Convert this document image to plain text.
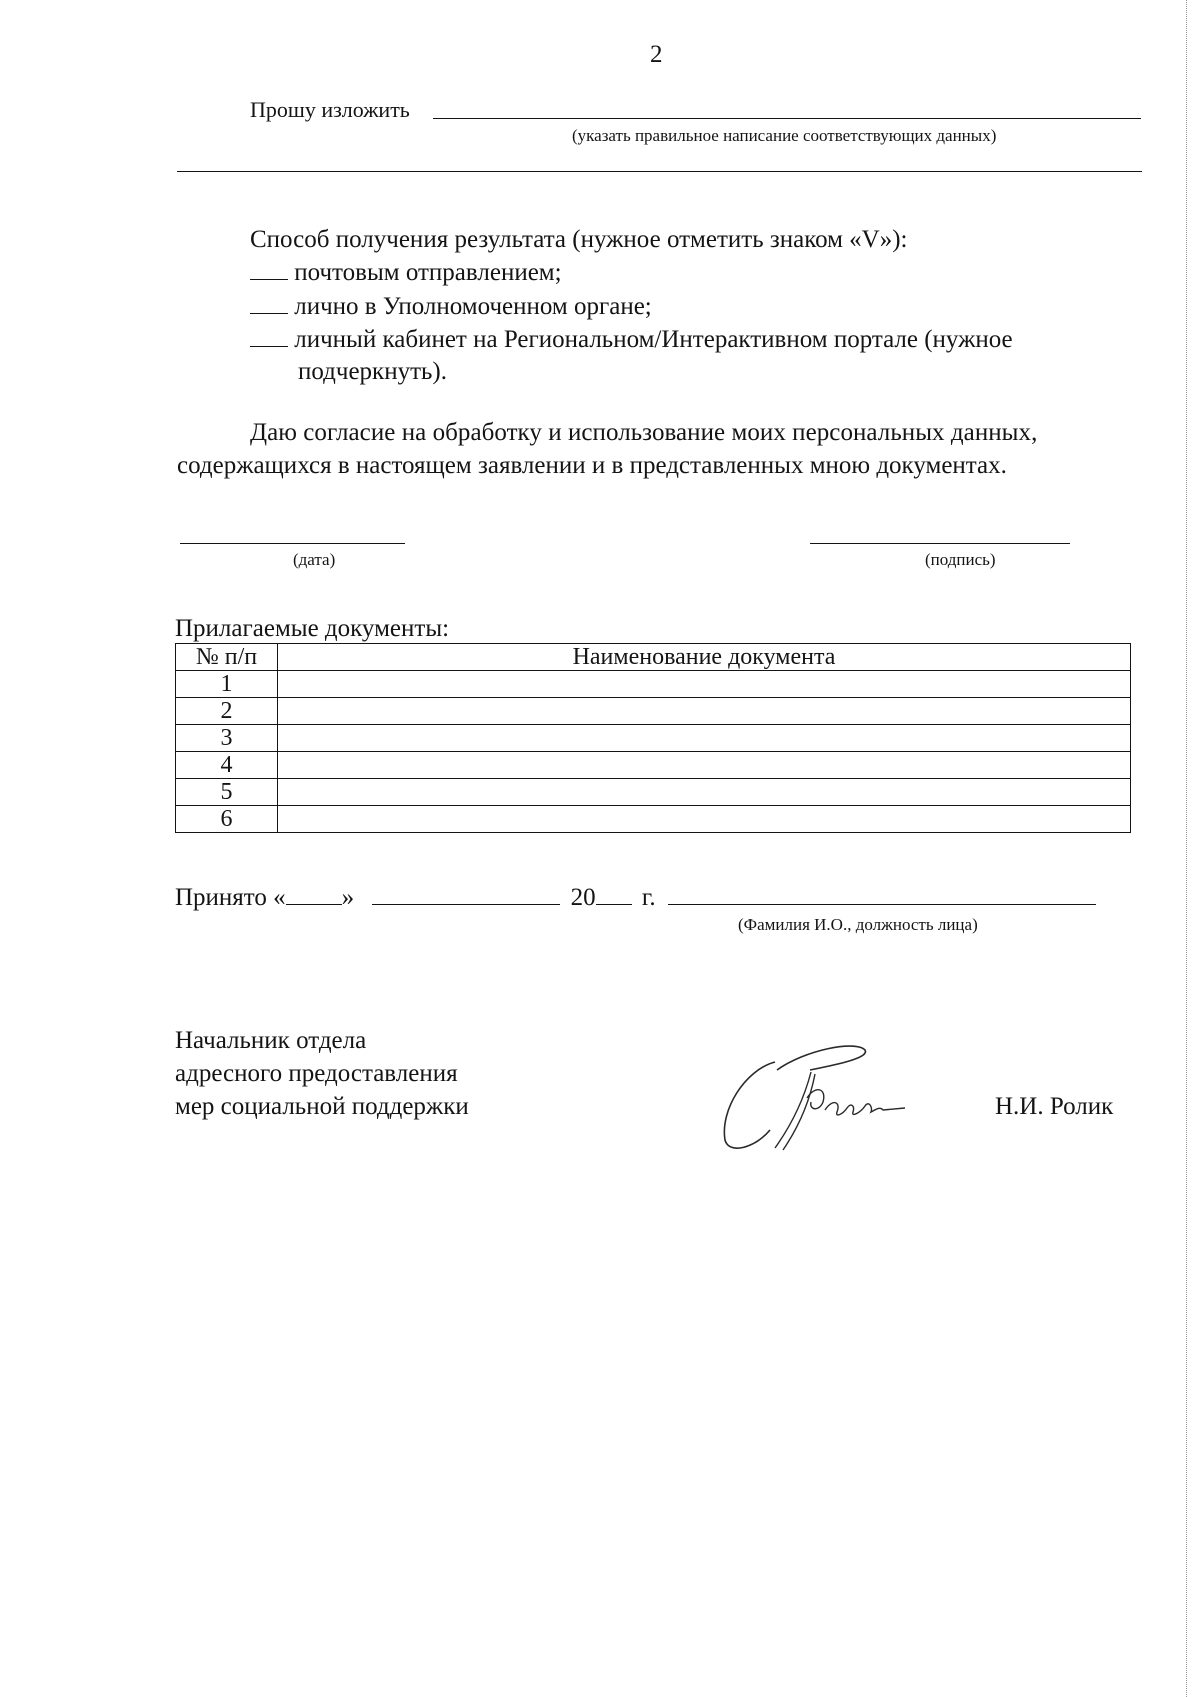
2
Прошу изложить
(указать правильное написание соответствующих данных)
Способ получения результата (нужное отметить знаком «V»):
почтовым отправлением;
лично в Уполномоченном органе;
личный кабинет на Региональном/Интерактивном портале (нужное
подчеркнуть).
Даю согласие на обработку и использование моих персональных данных,
содержащихся в настоящем заявлении и в представленных мною документах.
(дата)	(подпись)
Прилагаемые документы:
№ п/п	Наименование документа
1	
2	
3	
4	
5	
6	
Принято « »	20 г.
(Фамилия И.О., должность лица)
Начальник отдела
адресного предоставления
мер социальной поддержки	Н.И. Ролик
